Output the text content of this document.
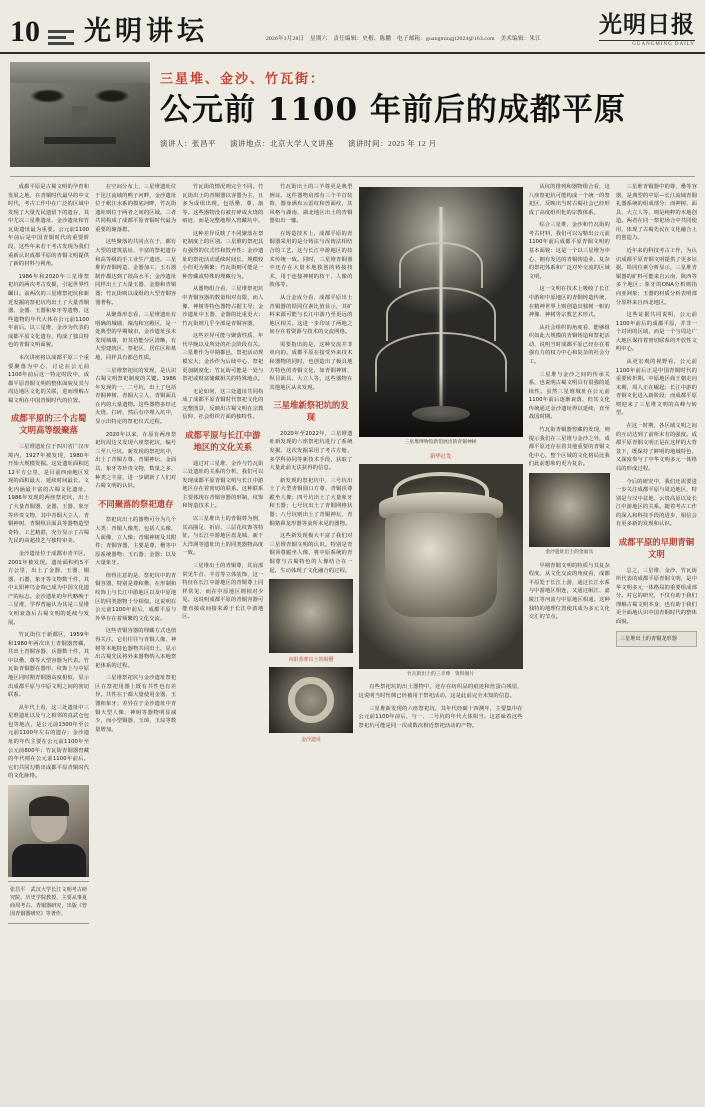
10 光明讲坛	2026年3月28日　星期六　责任编辑：史楷、陈鹏　电子邮箱：guangmingjt2024@163.com　美术编辑：朱江
光明日报
GUANGMING DAILY
三星堆、金沙、竹瓦街：
公元前 1100 年前后的成都平原
演讲人：张昌平 演讲地点：北京大学人文讲座 演讲时间：2025 年 12 月

成都平原是古蜀文明的孕育和发展之地，在青铜时代最早的中文时代，考古工作中在广泛的区域中发现了大量先民遗留下的遗存，其中尤以三星堆遗址、金沙遗址和竹瓦街遗址最为重要。公元前1100年前后是中国青铜时代的重要阶段，这些年来若干考古发现为我们重新认识成都平原的青铜文明提供了新的材料与视角。

1986年和2020年三星堆祭祀坑的两次考古发掘，引起世界性瞩目。前两次的三星堆祭祀坑和新近发掘的祭祀坑均出土了大量青铜器、金器、玉器和象牙等遗物，这些遗物的年代大体在公元前1100年前后。以三星堆、金沙为代表的成都平原文化遗存，构成了独具特色的青铜文明面貌。

本次讲座将以成都平原三个重要聚落为中心，讨论在公元前1100年前后这一特定时段中，成都平原青铜文明的整体面貌及其与周边地区文化的关联，进而理解古蜀文明在中国青铜时代的位置。

成都平原的三个古蜀文明高等级聚落

三星堆遗址位于四川省广汉市境内，1927年被发现，1980年开始大规模发掘。这处遗址面积达12平方公里，是目前西南地区发现的面积最大、延续时间最长、文化内涵最丰富的古蜀文化遗址。1986年发现的两座祭祀坑，出土了大量青铜器、金器、玉器、象牙等珍贵文物，其中青铜大立人、青铜神树、青铜纵目面具等器物造型奇特、工艺精湛，充分显示了古蜀先民的高超技艺与独特审美。

金沙遗址位于成都市青羊区，2001年被发现。遗址面积约5平方公里，出土了金器、玉器、铜器、石器、象牙等文物数千件，其中太阳神鸟金饰已成为中国文化遗产的标志。金沙遗址的年代略晚于三星堆，学界普遍认为其是三星堆文明衰落后古蜀文明的延续与发展。

竹瓦街位于新都区，1959年和1980年两次出土青铜器窖藏，共出土青铜容器、兵器数十件，其中以罍、尊等大型容器为代表。竹瓦街青铜器在器形、纹饰上与中原地区同时期青铜器高度相似，显示出成都平原与中原文明之间的密切联系。

从年代上看，这三处遗址中三星堆遗址以及与之相邻的真武仓包包等地点，是公元前1300年至公元前1100年左右的遗存；金沙遗址的年代主要在公元前1100年至公元前800年；竹瓦街青铜器窖藏的年代则在公元前1100年前后。它们共同勾勒出成都平原青铜时代的文化脉络。

张昌平　武汉大学长江文明考古研究院、历史学院教授，主要从事夏商周考古、青铜器研究，出版《曾国青铜器研究》等著作。

在空间分布上，三星堆遗址位于沱江流域的鸭子河畔，金沙遗址位于岷江水系的摸底河畔，竹瓦街遗址则位于两者之间的区域。三者共同构成了成都平原青铜时代最为重要的聚落群。

这些聚落的共同点在于，都有大型的建筑基址、丰富的祭祀遗存和高等级的手工业生产遗迹。三星堆的青铜铸造、金器加工、玉石器制作都达到了很高水平；金沙遗址同样出土了大量玉器、金器和青铜器；竹瓦街则以成组的大型青铜容器著称。

从聚落形态看，三星堆遗址有明确的城墙、壕沟和宫殿区，是一处典型的早期城市。金沙遗址虽未发现城墙，但其功能分区清晰，有大型建筑区、祭祀区、居住区和墓地，同样具有都邑性质。

三星堆祭祀坑的发现，是认识古蜀文明祭祀制度的关键。1986年发现的一、二号坑，出土了包括青铜神树、青铜大立人、青铜面具在内的大量遗物。这些器物多经过火烧、打碎，然后有序埋入坑中，显示出特定的祭祀仪式过程。

2020年以来，在原有两座祭祀坑周边又发现六座祭祀坑，编号三至八号坑。新发现的祭祀坑中，出土了青铜方尊、青铜神坛、金面具、象牙等珍贵文物，数量之多、种类之丰富，进一步刷新了人们对古蜀文明的认识。

不同聚落的祭祀遗存

祭祀坑出土的器物可分为几个大类：青铜人像类，包括人头像、人面像、立人像；青铜神树及其附件；青铜容器，主要是尊、罍等中原系统器物；玉石器；金器；以及大量象牙。

值得注意的是，祭祀坑中的青铜容器，特别是尊和罍，在形制和纹饰上与长江中游地区以及中原地区的同类器物十分相似。这说明在公元前1100年前后，成都平原与外界存在着频繁的文化交流。

这些青铜容器的埋藏方式也值得关注。它们往往与青铜人像、神树等本地特色器物共同出土，显示出古蜀先民将外来器物纳入本地祭祀体系的过程。

三星堆祭祀坑与金沙遗址祭祀区在祭祀用器上既有共性也有差异。共性在于都大量使用金器、玉器和象牙；差异在于金沙遗址中青铜大型人像、神树等器物明显减少，而小型铜器、玉璋、玉琮等数量增加。

竹瓦街的情况则完全不同。竹瓦街出土的青铜器以容器为主，且多为成组出现，包括罍、尊、瓿等。这些器物没有被打碎或火烧的痕迹，而是完整地埋入窖藏坑中。

这种差异反映了不同聚落在祭祀制度上的区别。三星堆的祭祀具有强烈的仪式性和毁弃性；金沙遗址的祭祀活动延续时间长、规模较小但更为频繁；竹瓦街则可能是一种窖藏或特殊的埋藏行为。

从器物组合看，三星堆祭祀坑中青铜容器的数量相对有限，而人像、神树等特色器物占据主导；金沙遗址中玉器、金器的比重更大；竹瓦街则几乎全部是青铜容器。

这些差异可能与聚落性质、年代早晚以及所处的社会阶段有关。三星堆作为早期都邑，祭祀活动规模宏大；金沙作为后续中心，祭祀更加制度化；竹瓦街可能是一处与祭祀或财富储藏相关的特殊地点。

无论如何，这三处遗址共同构成了成都平原青铜时代祭祀文化的完整图景，反映出古蜀文明在宗教信仰、社会组织方面的独特性。

成都平原与长江中游地区的文化关系

通过对三星堆、金沙与竹瓦街三处遗址的关系的分析，我们可以发现成都平原青铜文明与长江中游地区存在着密切的联系。这种联系主要体现在青铜容器的形制、纹饰和铸造技术上。

以三星堆出土的青铜尊为例，其高圈足、折肩、三层花纹饰等特征，与长江中游地区盘龙城、新干大洋洲等遗址出土的同类器物高度一致。

三星堆出土的青铜尊，其肩部常见牛首、羊首等立体装饰，这一特征在长江中游地区的青铜尊上同样常见，而在中原地区则相对少见。这说明成都平原的青铜容器可能直接或间接来源于长江中游地区。

竹瓦街出土的三羊尊更是典型例证。这件器物肩部有三个羊首装饰，器身满布云雷纹和兽面纹，其风格与湖南、湖北地区出土的青铜器如出一辙。

在铸造技术上，成都平原的青铜器采用的是分铸法与浑铸法相结合的工艺，这与长江中游地区的技术传统一致。同时，三星堆青铜器中还存在大量本地独创的铸接技术，用于连接神树的枝干、人像的肢体等。

从合金成分看，成都平原出土青铜器的铅同位素比值显示，其矿料来源可能与长江中游乃至更远的地区相关。这进一步印证了两地之间存在着资源与技术的交流网络。

需要指出的是，这种交流并非单向的。成都平原在接受外来技术和器物的同时，也创造出了极具地方特色的青铜文化，如青铜神树、纵目面具、大立人等，这些器物在其他地区从未发现。

三星堆新祭祀坑的发现

2020年至2022年，三星堆遗址新发现的六座祭祀坑进行了系统发掘。这次发掘采用了考古方舱、多学科协同等新技术手段，获取了大量此前无法获得的信息。

新发现的祭祀坑中，三号坑出土了大型青铜圆口方尊、青铜顶尊跪坐人像；四号坑出土了大量象牙和玉器；七号坑出土了青铜网格状器；八号坑则出土了青铜神坛、青铜猪鼻龙形器等前所未见的器物。

这些新发现极大丰富了我们对三星堆青铜文明的认识。特别是青铜顶尊跪坐人像，将中原系统的青铜尊与古蜀特色的人像结合在一起，生动体现了文化融合的过程。

向阳墓葬出土的铜罍
金沙遗址
三星堆博物馆新馆展出的青铜神树
新华社发
竹瓦街出土的三羊尊　资料图片

有些祭祀坑的出土器物中，还存在纺织品的痕迹和丝蛋白残留，这说明当时丝绸已经被用于祭祀活动，这是此前完全未知的信息。

三星堆新发现的六座祭祀坑，其年代经碳十四测年，主要集中在公元前1100年前后，与一、二号坑的年代大体相当。这意味着这些祭祀坑可能是同一次或数次相近祭祀活动的产物。

从坑的排列和器物组合看，这八座祭祀坑可能构成一个统一的祭祀区，反映出当时古蜀社会已经形成了高度组织化的宗教体系。

综合三星堆、金沙和竹瓦街的考古材料，我们可以勾勒出公元前1100年前后成都平原青铜文明的基本面貌：这是一个以三星堆为中心、拥有发达的青铜铸造业、复杂的祭祀体系和广泛对外交流的区域文明。

这一文明在技术上吸收了长江中游和中原地区的青铜铸造传统，在精神世界上则创造出独树一帜的神像、神树等宗教艺术形式。

从社会组织的角度看，能够组织如此大规模的青铜铸造和祭祀活动，说明当时成都平原已经存在着强有力的权力中心和复杂的社会分工。

三星堆与金沙之间的传承关系，也说明古蜀文明具有很强的延续性。虽然三星堆城址在公元前1100年前后逐渐衰落，但其文化传统通过金沙遗址得以延续，直至战国时期。

竹瓦街青铜器窖藏的发现，则提示我们在三星堆与金沙之外，成都平原还存在着其他重要的青铜文化中心，整个区域的文化格局比我们此前想象的更为复杂。

金沙遗址出土的金面具

早期青铜文明的特质与其复杂程度。从文化交流的角度看，成都平原处于长江上游，通过长江水系与中游地区相连，又通过岷江、嘉陵江等河流与中原地区相通。这种独特的地理位置使其成为多元文化交汇的节点。

三星堆青铜器中的尊、罍等容器，是典型的中原—长江流域青铜礼器系统的组成部分；而神树、面具、大立人等，则是纯粹的本地创造。两者在同一祭祀场合中共同使用，体现了古蜀先民在文化融合上的创造力。

近年来的科技考古工作，为认识成都平原青铜文明提供了更多证据。铅同位素分析显示，三星堆青铜器的矿料可能来自云南、陕西等多个地区；象牙的DNA分析则指向亚洲象；玉器的材质分析表明部分原料来自西北地区。

这些证据共同说明，公元前1100年前后的成都平原，并非一个封闭的区域，而是一个与周边广大地区保持着密切联系的开放性文明中心。

从更宏观的视野看，公元前1100年前后正是中国青铜时代的重要转折期。中原地区商王朝走向末期，周人正在崛起；长江中游的青铜文化进入新阶段；而成都平原则迎来了三星堆文明的高峰与转型。

在这一时期，各区域文明之间的互动达到了前所未有的强度。成都平原青铜文明正是在这样的大背景下，既保持了鲜明的地域特色，又深度参与了中华文明多元一体格局的形成过程。

今后的研究中，我们还需要进一步关注成都平原与周边地区，特别是与汉中盆地、云贵高原以及长江中游地区的关系。随着考古工作的深入和科技手段的进步，相信会有更多新的发现和认识。

成都平原的早期青铜文明

总之，三星堆、金沙、竹瓦街所代表的成都平原青铜文明，是中华文明多元一体格局的重要组成部分。对它的研究，不仅有助于我们理解古蜀文明本身，也有助于我们更全面地认识中国青铜时代的整体面貌。

三星堆出土的青铜龙形器
